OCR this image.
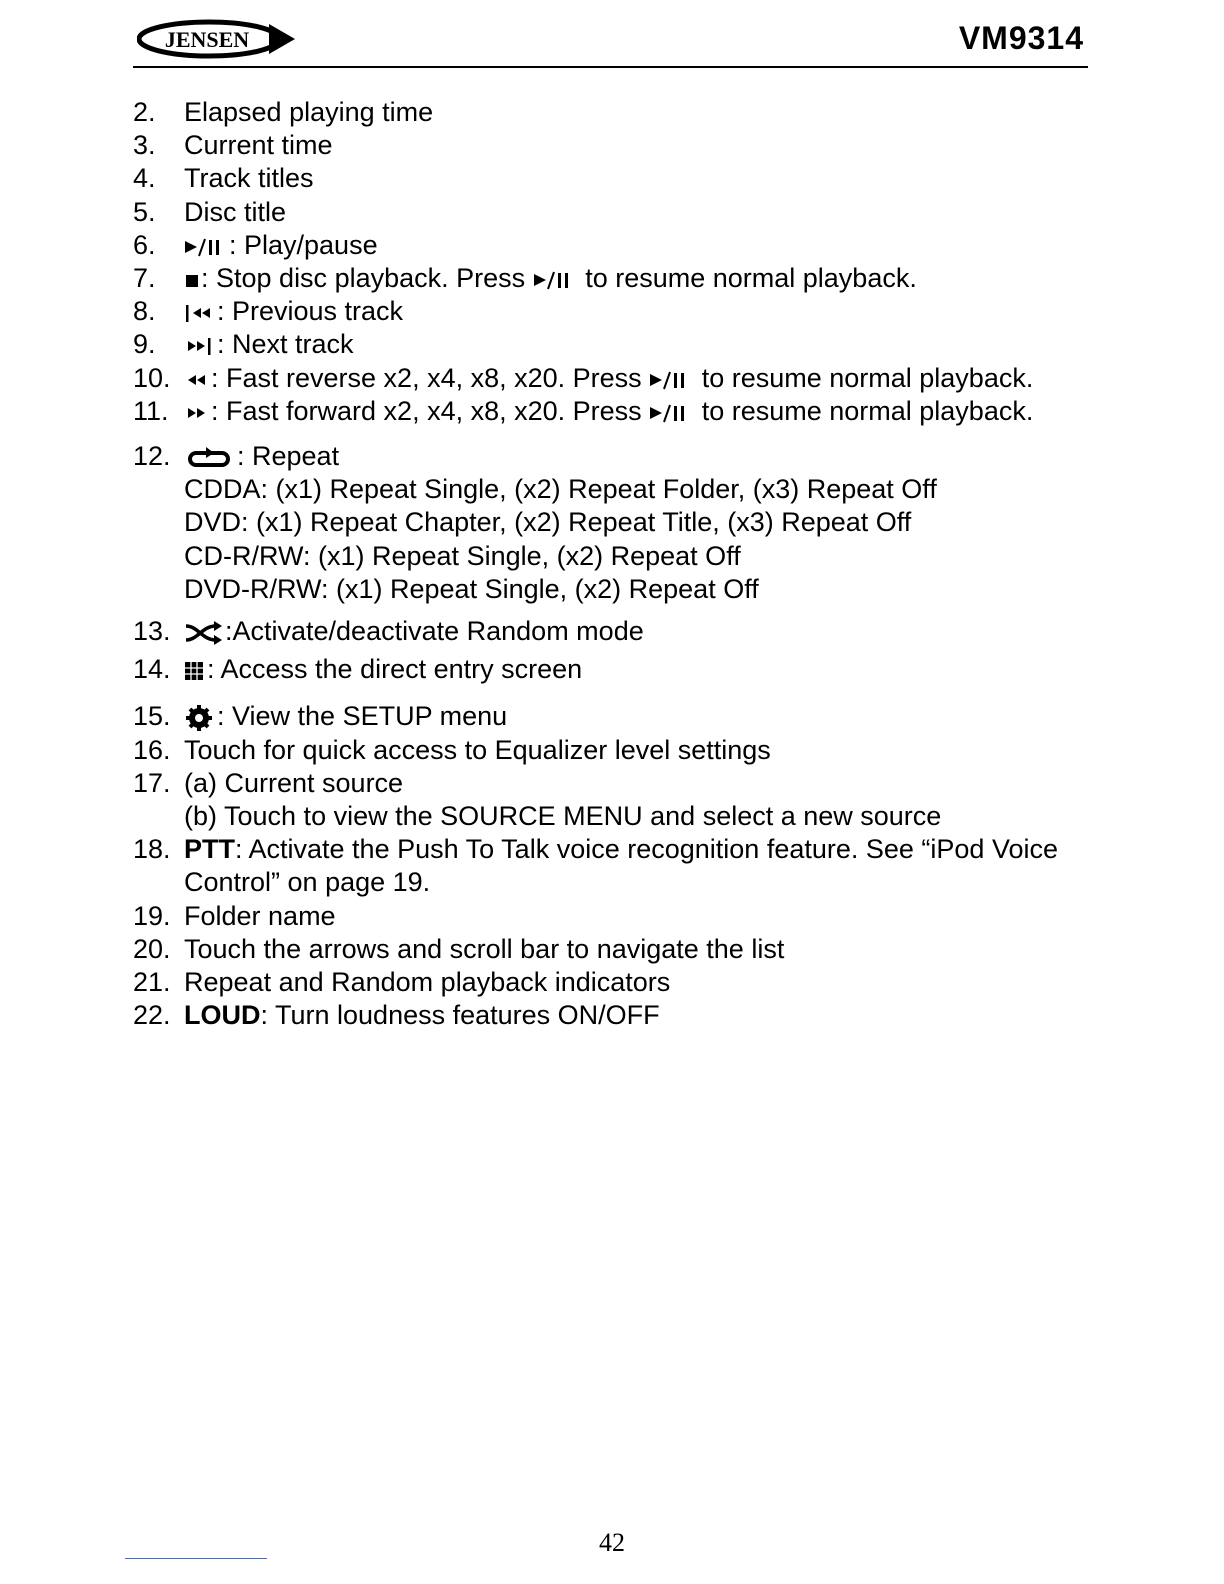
JENSEN	VM9314
2.	Elapsed playing time
3.	Current time
4.	Track titles
5.	Disc title
6.	: Play/pause
7.	: Stop disc playback. Press to resume normal playback.
8.	: Previous track
9.	: Next track
10.	: Fast reverse x2, x4, x8, x20. Press to resume normal playback.
11.	: Fast forward x2, x4, x8, x20. Press to resume normal playback.
12.	: Repeat
CDDA: (x1) Repeat Single, (x2) Repeat Folder, (x3) Repeat Off
DVD: (x1) Repeat Chapter, (x2) Repeat Title, (x3) Repeat Off
CD-R/RW: (x1) Repeat Single, (x2) Repeat Off
DVD-R/RW: (x1) Repeat Single, (x2) Repeat Off
13.	:Activate/deactivate Random mode
14.	: Access the direct entry screen
15.	: View the SETUP menu
16. Touch for quick access to Equalizer level settings
17. (a) Current source
(b) Touch to view the SOURCE MENU and select a new source
18. PTT: Activate the Push To Talk voice recognition feature. See “iPod Voice Control” on page 19.
19. Folder name
20. Touch the arrows and scroll bar to navigate the list
21. Repeat and Random playback indicators
22. LOUD: Turn loudness features ON/OFF
42
